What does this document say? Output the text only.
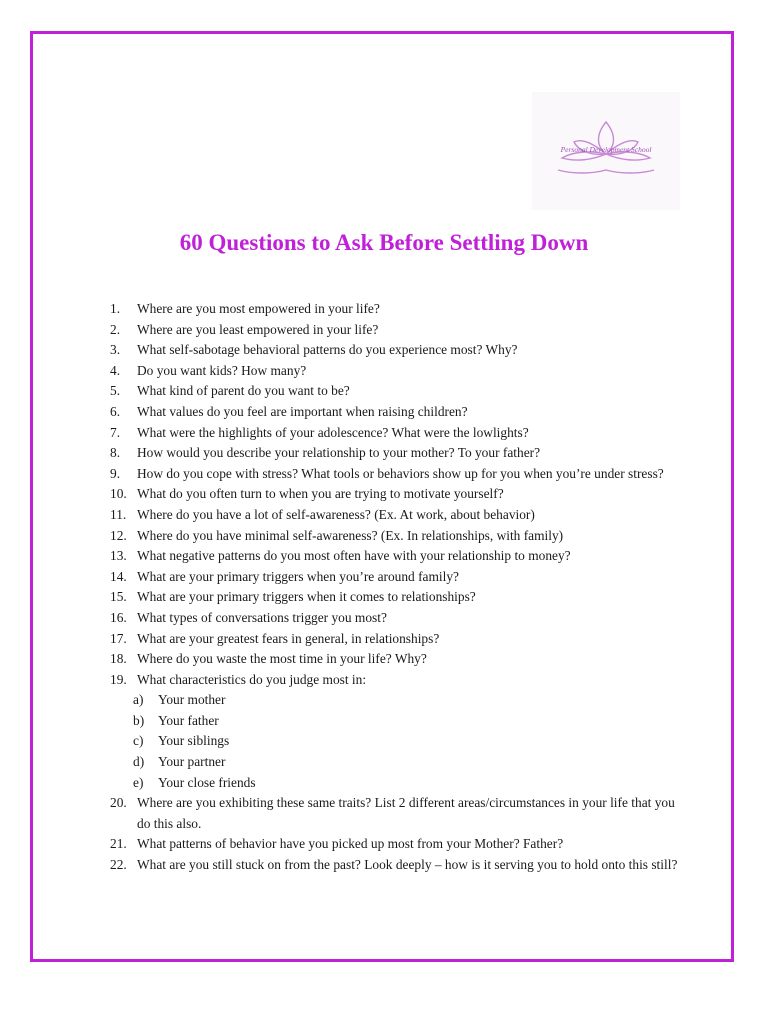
Personal Development School
60 Questions to Ask Before Settling Down
1.	Where are you most empowered in your life?
2.	Where are you least empowered in your life?
3.	What self-sabotage behavioral patterns do you experience most? Why?
4.	Do you want kids? How many?
5.	What kind of parent do you want to be?
6.	What values do you feel are important when raising children?
7.	What were the highlights of your adolescence? What were the lowlights?
8.	How would you describe your relationship to your mother? To your father?
9.	How do you cope with stress? What tools or behaviors show up for you when you’re under stress?
10. What do you often turn to when you are trying to motivate yourself?
11. Where do you have a lot of self-awareness? (Ex. At work, about behavior)
12. Where do you have minimal self-awareness? (Ex. In relationships, with family)
13. What negative patterns do you most often have with your relationship to money?
14. What are your primary triggers when you’re around family?
15. What are your primary triggers when it comes to relationships?
16. What types of conversations trigger you most?
17. What are your greatest fears in general, in relationships?
18. Where do you waste the most time in your life? Why?
19. What characteristics do you judge most in:
a)	Your mother
b)	Your father
c)	Your siblings
d)	Your partner
e)	Your close friends
20. Where are you exhibiting these same traits? List 2 different areas/circumstances in your life that you do this also.
21. What patterns of behavior have you picked up most from your Mother? Father?
22. What are you still stuck on from the past? Look deeply – how is it serving you to hold onto this still?
